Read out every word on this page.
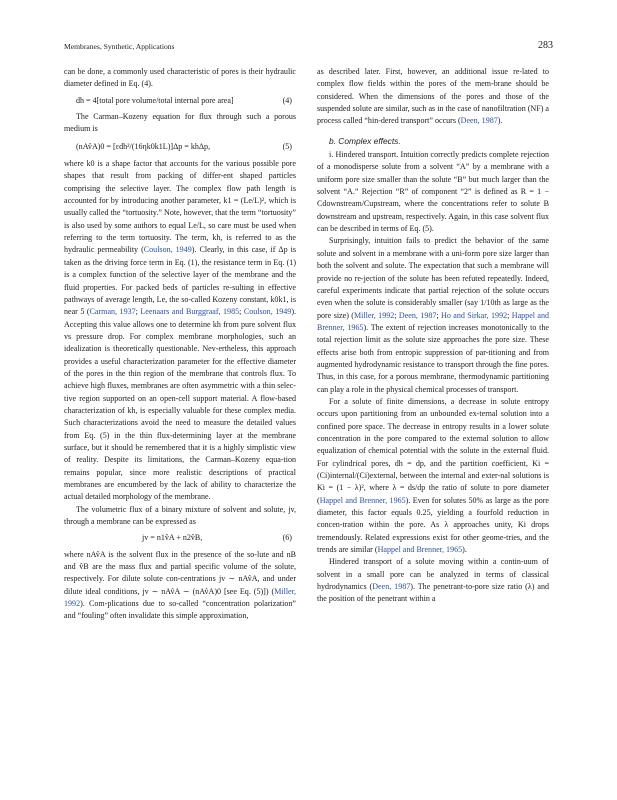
Membranes, Synthetic, Applications	283

can be done, a commonly used characteristic of pores is their hydraulic diameter defined in Eq. (4).

dh = 4[total pore volume/total internal pore area]	(4)

The Carman–Kozeny equation for flux through such a porous medium is

(nAv̂A)0 = [εdh²/(16ηk0k1L)]Δp = khΔp,	(5)

where k0 is a shape factor that accounts for the various possible pore shapes that result from packing of differ-ent shaped particles comprising the selective layer. The complex flow path length is accounted for by introducing another parameter, k1 = (Le/L)², which is usually called the “tortuosity.” Note, however, that the term “tortuosity” is also used by some authors to equal Le/L, so care must be used when referring to the term tortuosity. The term, kh, is referred to as the hydraulic permeability (Coulson, 1949). Clearly, in this case, if Δp is taken as the driving force term in Eq. (1), the resistance term in Eq. (1) is a complex function of the selective layer of the membrane and the fluid properties. For packed beds of particles re-sulting in effective pathways of average length, Le, the so-called Kozeny constant, k0k1, is near 5 (Carman, 1937; Leenaars and Burggraaf, 1985; Coulson, 1949). Accepting this value allows one to determine kh from pure solvent flux vs pressure drop. For complex membrane morphologies, such an idealization is theoretically questionable. Nev-ertheless, this approach provides a useful characterization parameter for the effective diameter of the pores in the thin region of the membrane that controls flux. To achieve high fluxes, membranes are often asymmetric with a thin selec-tive region supported on an open-cell support material. A flow-based characterization of kh, is especially valuable for these complex media. Such characterizations avoid the need to measure the detailed values from Eq. (5) in the thin flux-determining layer at the membrane surface, but it should be remembered that it is a highly simplistic view of reality. Despite its limitations, the Carman–Kozeny equa-tion remains popular, since more realistic descriptions of practical membranes are encumbered by the lack of ability to characterize the actual detailed morphology of the membrane.

The volumetric flux of a binary mixture of solvent and solute, jv, through a membrane can be expressed as

jv = n1v̂A + n2v̂B,	(6)

where nAv̂A is the solvent flux in the presence of the so-lute and nB and v̂B are the mass flux and partial specific volume of the solute, respectively. For dilute solute con-centrations jv ∼ nAv̂A, and under dilute ideal conditions, jv ∼ nAv̂A ∼ (nAv̂A)0 [see Eq. (5)]) (Miller, 1992). Com-plications due to so-called “concentration polarization” and “fouling” often invalidate this simple approximation,

as described later. First, however, an additional issue re-lated to complex flow fields within the pores of the mem-brane should be considered. When the dimensions of the pores and those of the suspended solute are similar, such as in the case of nanofiltration (NF) a process called “hin-dered transport” occurs (Deen, 1987).

b. Complex effects.

i. Hindered transport. Intuition correctly predicts complete rejection of a monodisperse solute from a solvent “A” by a membrane with a uniform pore size smaller than the solute “B” but much larger than the solvent “A.” Rejection “R” of component “2” is defined as R = 1 − Cdownstream/Cupstream, where the concentrations refer to solute B downstream and upstream, respectively. Again, in this case solvent flux can be described in terms of Eq. (5).

Surprisingly, intuition fails to predict the behavior of the same solute and solvent in a membrane with a uni-form pore size larger than both the solvent and solute. The expectation that such a membrane will provide no re-jection of the solute has been refuted repeatedly. Indeed, careful experiments indicate that partial rejection of the solute occurs even when the solute is considerably smaller (say 1/10th as large as the pore size) (Miller, 1992; Deen, 1987; Ho and Sirkar, 1992; Happel and Brenner, 1965). The extent of rejection increases monotonically to the total rejection limit as the solute size approaches the pore size. These effects arise both from entropic suppression of par-titioning and from augmented hydrodynamic resistance to transport through the fine pores. Thus, in this case, for a porous membrane, thermodynamic partitioning can play a role in the physical chemical processes of transport.

For a solute of finite dimensions, a decrease in solute entropy occurs upon partitioning from an unbounded ex-ternal solution into a confined pore space. The decrease in entropy results in a lower solute concentration in the pore compared to the external solution to allow equalization of chemical potential with the solute in the external fluid. For cylindrical pores, dh = dp, and the partition coefficient, Ki = (Ci)internal/(Ci)external, between the internal and exter-nal solutions is Ki = (1 − λ)², where λ = ds/dp the ratio of solute to pore diameter (Happel and Brenner, 1965). Even for solutes 50% as large as the pore diameter, this factor equals 0.25, yielding a fourfold reduction in concen-tration within the pore. As λ approaches unity, Ki drops tremendously. Related expressions exist for other geome-tries, and the trends are similar (Happel and Brenner, 1965).

Hindered transport of a solute moving within a contin-uum of solvent in a small pore can be analyzed in terms of classical hydrodynamics (Deen, 1987). The penetrant-to-pore size ratio (λ) and the position of the penetrant within a
